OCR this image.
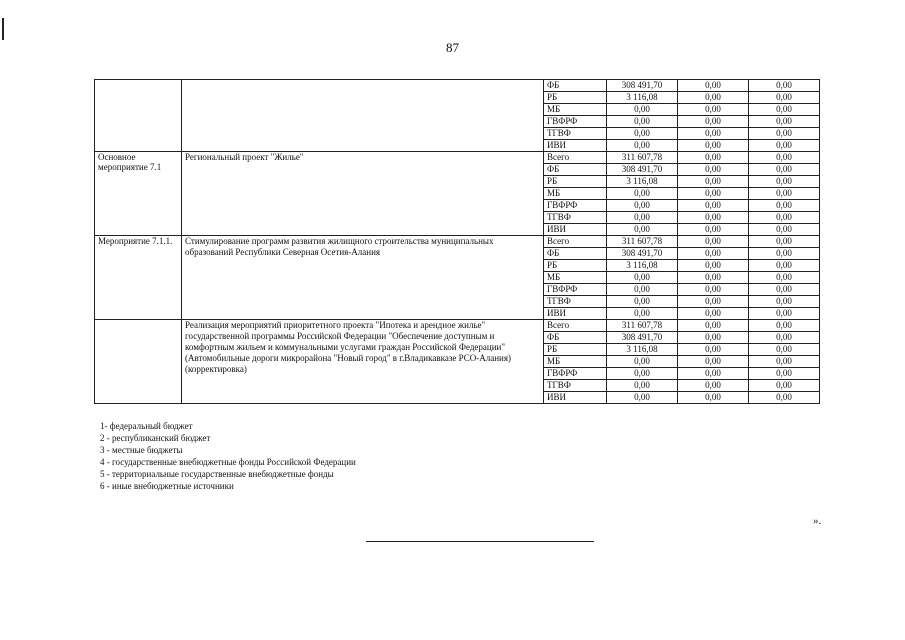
87
		ФБ	308 491,70	0,00	0,00
		РБ	3 116,08	0,00	0,00
		МБ	0,00	0,00	0,00
		ГВФРФ	0,00	0,00	0,00
		ТГВФ	0,00	0,00	0,00
		ИВИ	0,00	0,00	0,00
Основное мероприятие 7.1	Региональный проект "Жилье"	Всего	311 607,78	0,00	0,00
		ФБ	308 491,70	0,00	0,00
		РБ	3 116,08	0,00	0,00
		МБ	0,00	0,00	0,00
		ГВФРФ	0,00	0,00	0,00
		ТГВФ	0,00	0,00	0,00
		ИВИ	0,00	0,00	0,00
Мероприятие 7.1.1.	Стимулирование программ развития жилищного строительства муниципальных образований Республики Северная Осетия-Алания	Всего	311 607,78	0,00	0,00
		ФБ	308 491,70	0,00	0,00
		РБ	3 116,08	0,00	0,00
		МБ	0,00	0,00	0,00
		ГВФРФ	0,00	0,00	0,00
		ТГВФ	0,00	0,00	0,00
		ИВИ	0,00	0,00	0,00
	Реализация мероприятий приоритетного проекта "Ипотека и арендное жилье" государственной программы Российской Федерации "Обеспечение доступным и комфортным жильем и коммунальными услугами граждан Российской Федерации" (Автомобильные дороги микрорайона "Новый город" в г.Владикавказе РСО-Алания) (корректировка)	Всего	311 607,78	0,00	0,00
		ФБ	308 491,70	0,00	0,00
		РБ	3 116,08	0,00	0,00
		МБ	0,00	0,00	0,00
		ГВФРФ	0,00	0,00	0,00
		ТГВФ	0,00	0,00	0,00
		ИВИ	0,00	0,00	0,00
1- федеральный бюджет
2 - республиканский бюджет
3 - местные бюджеты
4 - государственные внебюджетные фонды Российской Федерации
5 - территориальные государственные внебюджетные фонды
6 - иные внебюджетные источники
».
